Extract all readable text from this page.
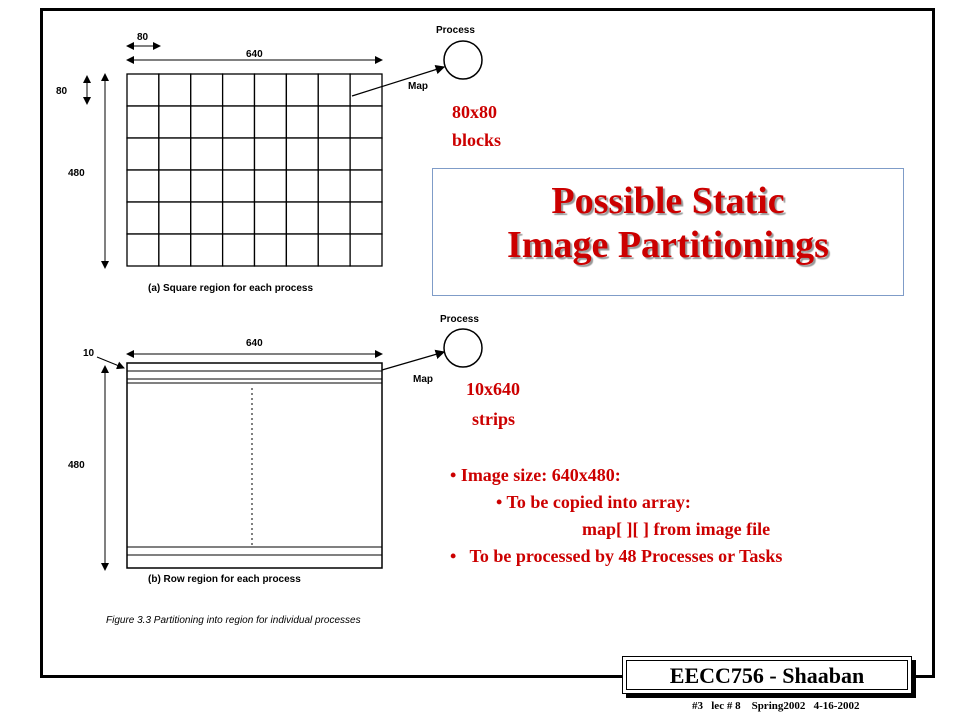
80
640
80
480
Process
Map
(a) Square region for each process
640
10
480
Process
Map
(b) Row region for each process
Figure 3.3 Partitioning into region for individual processes
80x80
blocks
Possible Static
Image Partitionings
10x640
strips
• Image size: 640x480:
• To be copied into array:
map[ ][ ] from image file
•   To be processed by 48 Processes or Tasks
EECC756 - Shaaban
#3   lec # 8    Spring2002   4-16-2002
